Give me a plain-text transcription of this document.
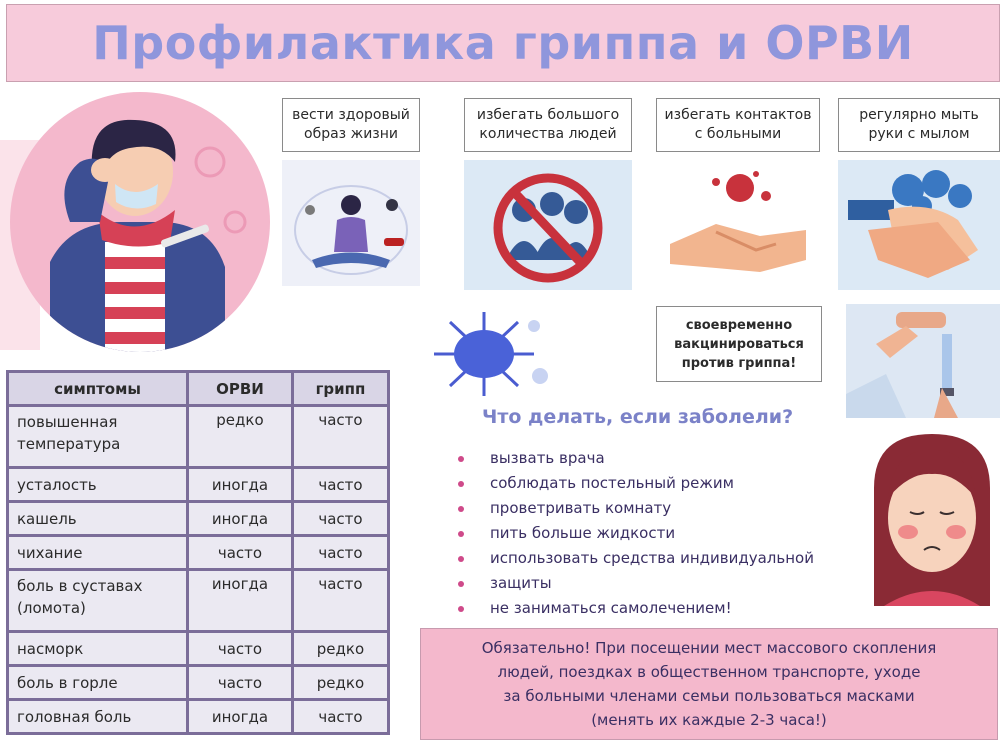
Профилактика гриппа и ОРВИ
вести здоровый образ жизни
избегать большого количества людей
избегать контактов с больными
регулярно мыть руки с мылом
своевременно вакцинироваться против гриппа!
симптомы	ОРВИ	грипп
повышенная температура	редко	часто
усталость	иногда	часто
кашель	иногда	часто
чихание	часто	часто
боль в суставах (ломота)	иногда	часто
насморк	часто	редко
боль в горле	часто	редко
головная боль	иногда	часто
Что делать, если заболели?
вызвать врача
соблюдать постельный режим
проветривать комнату
пить больше жидкости
использовать средства индивидуальной
защиты
не заниматься самолечением!
Обязательно! При посещении мест массового скопления
людей, поездках в общественном транспорте, уходе
за больными членами семьи пользоваться масками
(менять их каждые 2-3 часа!)
